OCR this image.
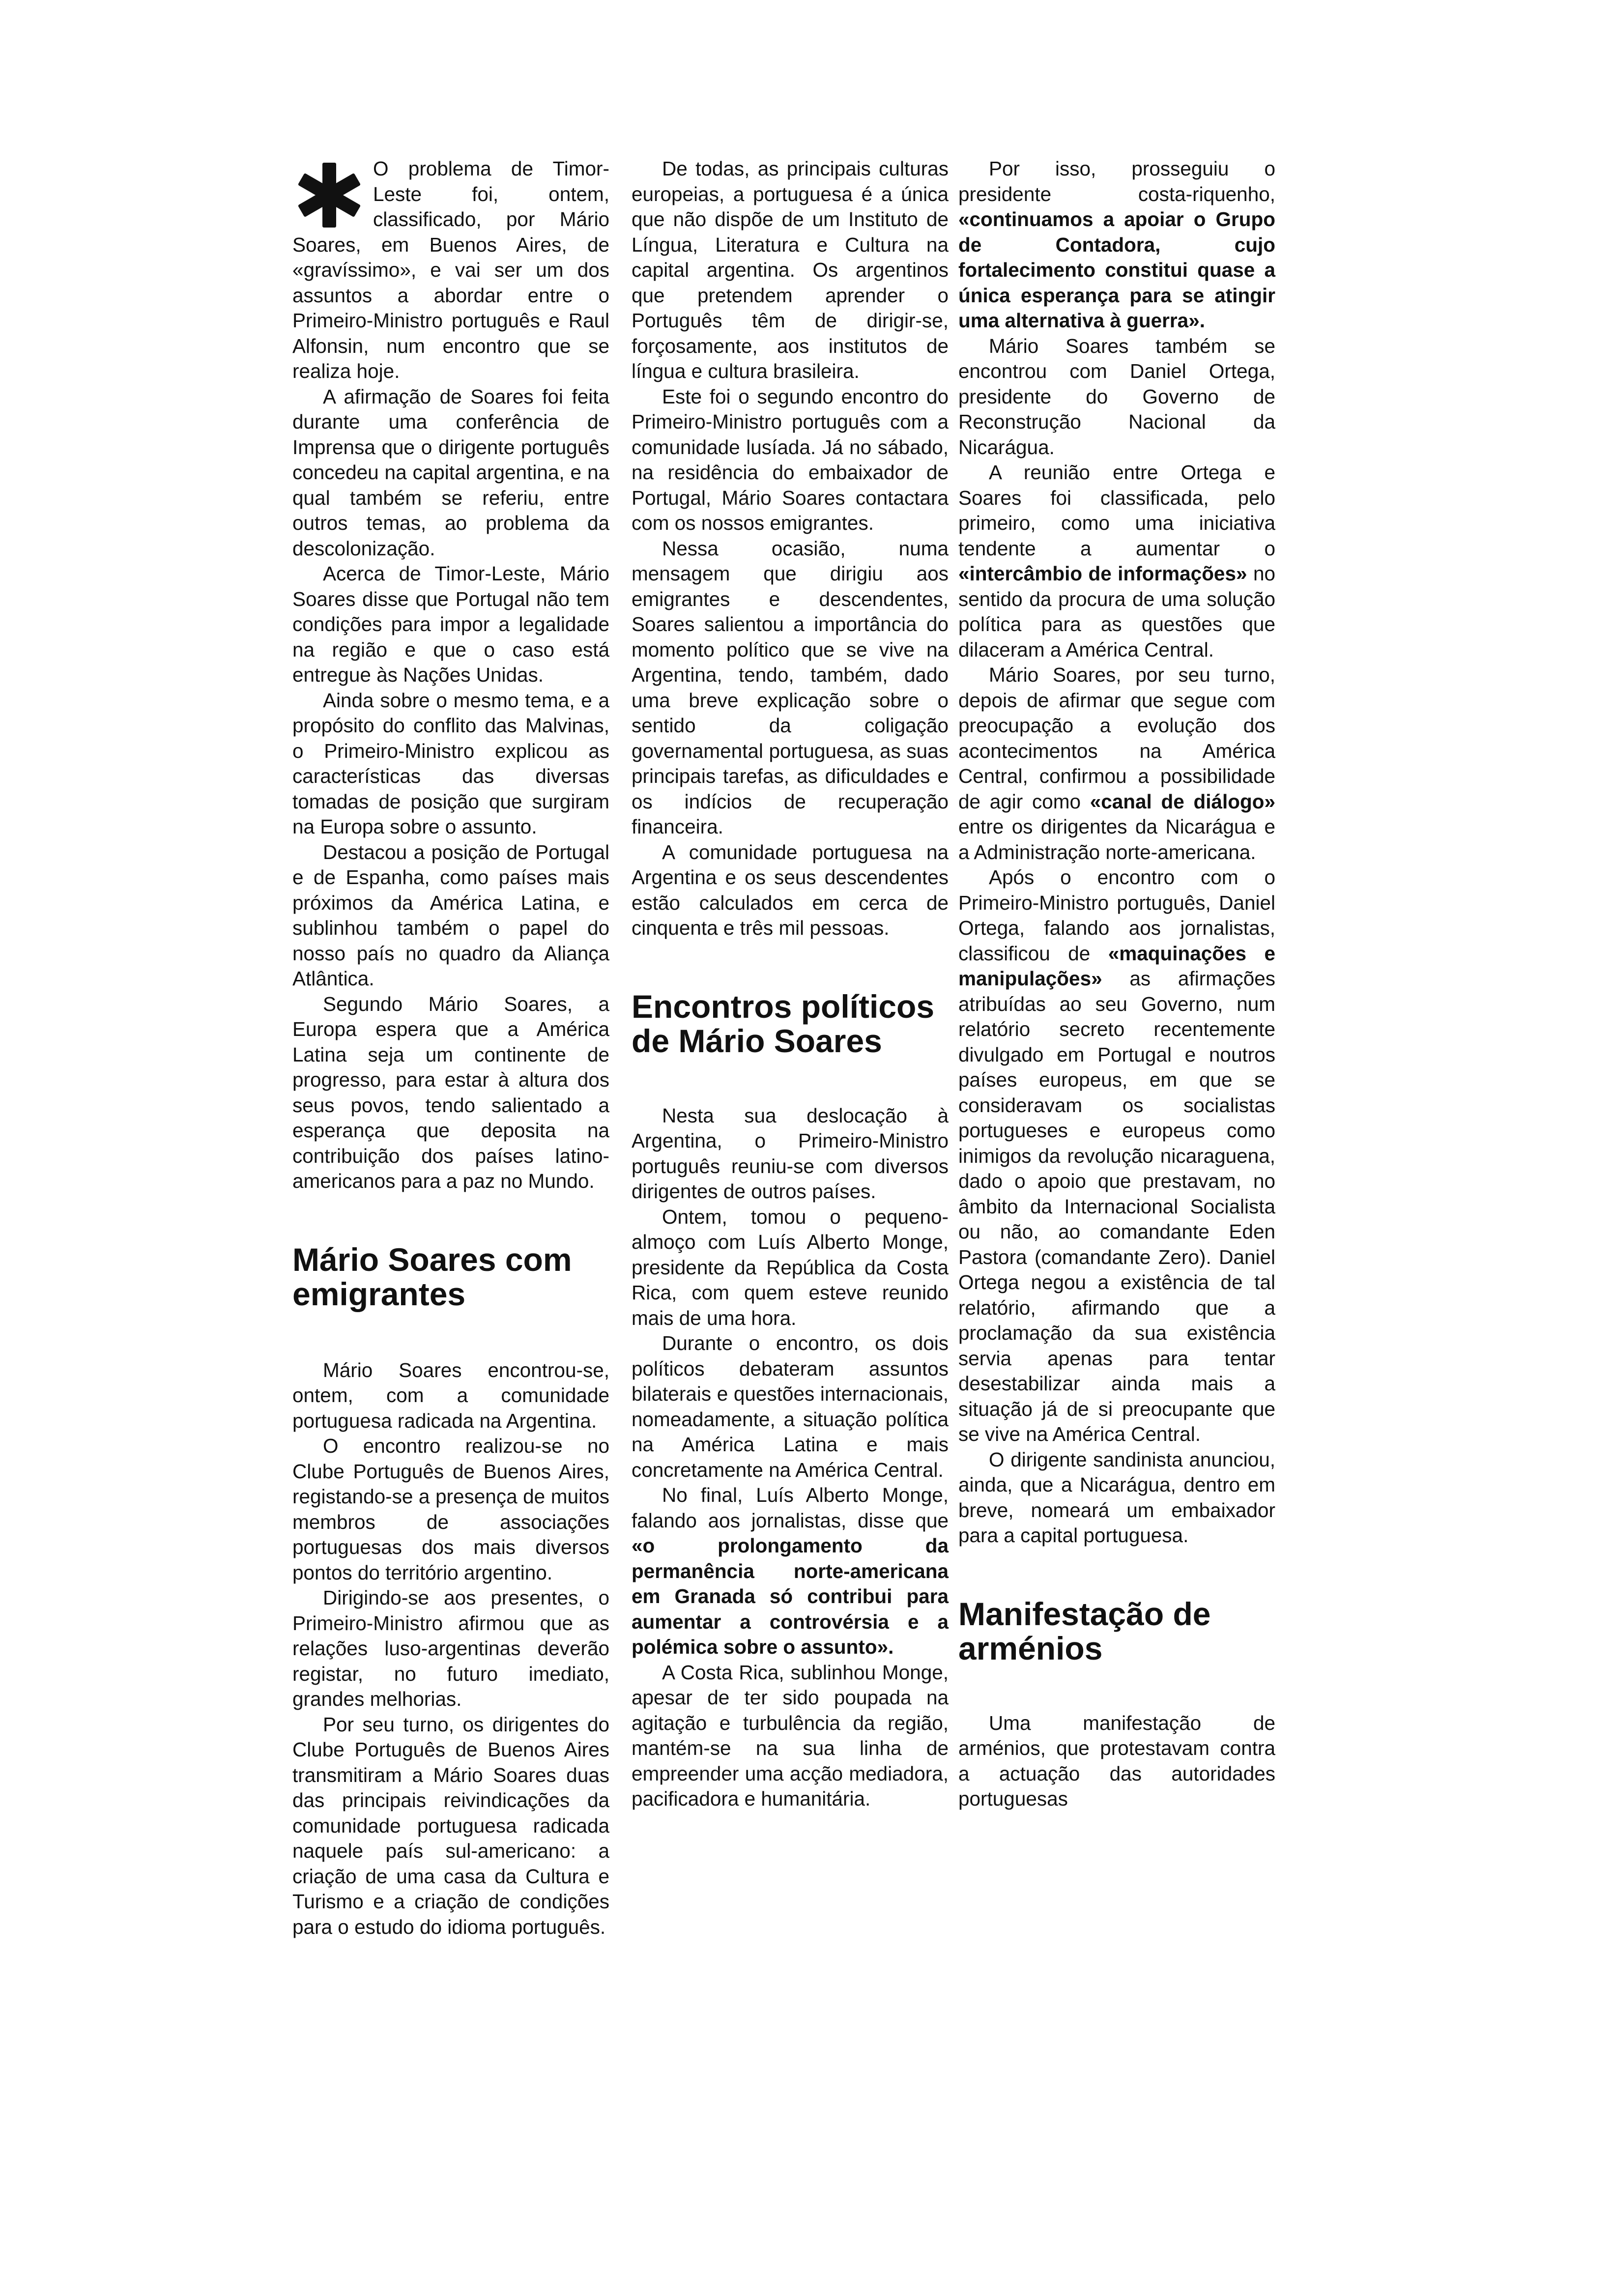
O problema de Timor-Leste foi, ontem, classificado, por Mário Soares, em Buenos Aires, de «gravíssimo», e vai ser um dos assuntos a abordar entre o Primeiro-Ministro português e Raul Alfonsin, num encontro que se realiza hoje.

A afirmação de Soares foi feita durante uma conferência de Imprensa que o dirigente português concedeu na capital argentina, e na qual também se referiu, entre outros temas, ao problema da descolonização.

Acerca de Timor-Leste, Mário Soares disse que Portugal não tem condições para impor a legalidade na região e que o caso está entregue às Nações Unidas.

Ainda sobre o mesmo tema, e a propósito do conflito das Malvinas, o Primeiro-Ministro explicou as características das diversas tomadas de posição que surgiram na Europa sobre o assunto.

Destacou a posição de Portugal e de Espanha, como países mais próximos da América Latina, e sublinhou também o papel do nosso país no quadro da Aliança Atlântica.

Segundo Mário Soares, a Europa espera que a América Latina seja um continente de progresso, para estar à altura dos seus povos, tendo salientado a esperança que deposita na contribuição dos países latino-americanos para a paz no Mundo.

Mário Soares com emigrantes

Mário Soares encontrou-se, ontem, com a comunidade portuguesa radicada na Argentina.

O encontro realizou-se no Clube Português de Buenos Aires, registando-se a presença de muitos membros de associações portuguesas dos mais diversos pontos do território argentino.

Dirigindo-se aos presentes, o Primeiro-Ministro afirmou que as relações luso-argentinas deverão registar, no futuro imediato, grandes melhorias.

Por seu turno, os dirigentes do Clube Português de Buenos Aires transmitiram a Mário Soares duas das principais reivindicações da comunidade portuguesa radicada naquele país sul-americano: a criação de uma casa da Cultura e Turismo e a criação de condições para o estudo do idioma português.

De todas, as principais culturas europeias, a portuguesa é a única que não dispõe de um Instituto de Língua, Literatura e Cultura na capital argentina. Os argentinos que pretendem aprender o Português têm de dirigir-se, forçosamente, aos institutos de língua e cultura brasileira.

Este foi o segundo encontro do Primeiro-Ministro português com a comunidade lusíada. Já no sábado, na residência do embaixador de Portugal, Mário Soares contactara com os nossos emigrantes.

Nessa ocasião, numa mensagem que dirigiu aos emigrantes e descendentes, Soares salientou a importância do momento político que se vive na Argentina, tendo, também, dado uma breve explicação sobre o sentido da coligação governamental portuguesa, as suas principais tarefas, as dificuldades e os indícios de recuperação financeira.

A comunidade portuguesa na Argentina e os seus descendentes estão calculados em cerca de cinquenta e três mil pessoas.

Encontros políticos de Mário Soares

Nesta sua deslocação à Argentina, o Primeiro-Ministro português reuniu-se com diversos dirigentes de outros países.

Ontem, tomou o pequeno-almoço com Luís Alberto Monge, presidente da República da Costa Rica, com quem esteve reunido mais de uma hora.

Durante o encontro, os dois políticos debateram assuntos bilaterais e questões internacionais, nomeadamente, a situação política na América Latina e mais concretamente na América Central.

No final, Luís Alberto Monge, falando aos jornalistas, disse que «o prolongamento da permanência norte-americana em Granada só contribui para aumentar a controvérsia e a polémica sobre o assunto».

A Costa Rica, sublinhou Monge, apesar de ter sido poupada na agitação e turbulência da região, mantém-se na sua linha de empreender uma acção mediadora, pacificadora e humanitária.

Por isso, prosseguiu o presidente costa-riquenho, «continuamos a apoiar o Grupo de Contadora, cujo fortalecimento constitui quase a única esperança para se atingir uma alternativa à guerra».

Mário Soares também se encontrou com Daniel Ortega, presidente do Governo de Reconstrução Nacional da Nicarágua.

A reunião entre Ortega e Soares foi classificada, pelo primeiro, como uma iniciativa tendente a aumentar o «intercâmbio de informações» no sentido da procura de uma solução política para as questões que dilaceram a América Central.

Mário Soares, por seu turno, depois de afirmar que segue com preocupação a evolução dos acontecimentos na América Central, confirmou a possibilidade de agir como «canal de diálogo» entre os dirigentes da Nicarágua e a Administração norte-americana.

Após o encontro com o Primeiro-Ministro português, Daniel Ortega, falando aos jornalistas, classificou de «maquinações e manipulações» as afirmações atribuídas ao seu Governo, num relatório secreto recentemente divulgado em Portugal e noutros países europeus, em que se consideravam os socialistas portugueses e europeus como inimigos da revolução nicaraguena, dado o apoio que prestavam, no âmbito da Internacional Socialista ou não, ao comandante Eden Pastora (comandante Zero). Daniel Ortega negou a existência de tal relatório, afirmando que a proclamação da sua existência servia apenas para tentar desestabilizar ainda mais a situação já de si preocupante que se vive na América Central.

O dirigente sandinista anunciou, ainda, que a Nicarágua, dentro em breve, nomeará um embaixador para a capital portuguesa.

Manifestação de arménios

Uma manifestação de arménios, que protestavam contra a actuação das autoridades portuguesas
